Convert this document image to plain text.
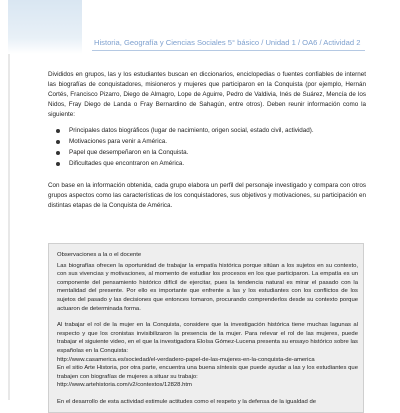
Historia, Geografía y Ciencias Sociales 5° básico / Unidad 1 / OA6 / Actividad 2

Divididos en grupos, las y los estudiantes buscan en diccionarios, enciclopedias o fuentes confiables de internet las biografías de conquistadores, misioneros y mujeres que participaron en la Conquista (por ejemplo, Hernán Cortés, Francisco Pizarro, Diego de Almagro, Lope de Aguirre, Pedro de Valdivia, Inés de Suárez, Mencía de los Nidos, Fray Diego de Landa o Fray Bernardino de Sahagún, entre otros). Deben reunir información como la siguiente:

Principales datos biográficos (lugar de nacimiento, origen social, estado civil, actividad).
Motivaciones para venir a América.
Papel que desempeñaron en la Conquista.
Dificultades que encontraron en América.

Con base en la información obtenida, cada grupo elabora un perfil del personaje investigado y compara con otros grupos aspectos como las características de los conquistadores, sus objetivos y motivaciones, su participación en distintas etapas de la Conquista de América.

Observaciones a la o el docente

Las biografías ofrecen la oportunidad de trabajar la empatía histórica porque sitúan a los sujetos en su contexto, con sus vivencias y motivaciones, al momento de estudiar los procesos en los que participaron. La empatía es un componente del pensamiento histórico difícil de ejercitar, pues la tendencia natural es mirar el pasado con la mentalidad del presente. Por ello es importante que enfrente a las y los estudiantes con los conflictos de los sujetos del pasado y las decisiones que entonces tomaron, procurando comprenderlos desde su contexto porque actuaron de determinada forma.

Al trabajar el rol de la mujer en la Conquista, considere que la investigación histórica tiene muchas lagunas al respecto y que los cronistas invisibilizaron la presencia de la mujer. Para relevar el rol de las mujeres, puede trabajar el siguiente video, en el que la investigadora Eloísa Gómez-Lucena presenta su ensayo histórico sobre las españolas en la Conquista:
http://www.casamerica.es/sociedad/el-verdadero-papel-de-las-mujeres-en-la-conquista-de-america
En el sitio Arte Historia, por otra parte, encuentra una buena síntesis que puede ayudar a las y los estudiantes que trabajen con biografías de mujeres a situar su trabajo:
http://www.artehistoria.com/v2/contextos/12828.htm

En el desarrollo de esta actividad estimule actitudes como el respeto y la defensa de la igualdad de
